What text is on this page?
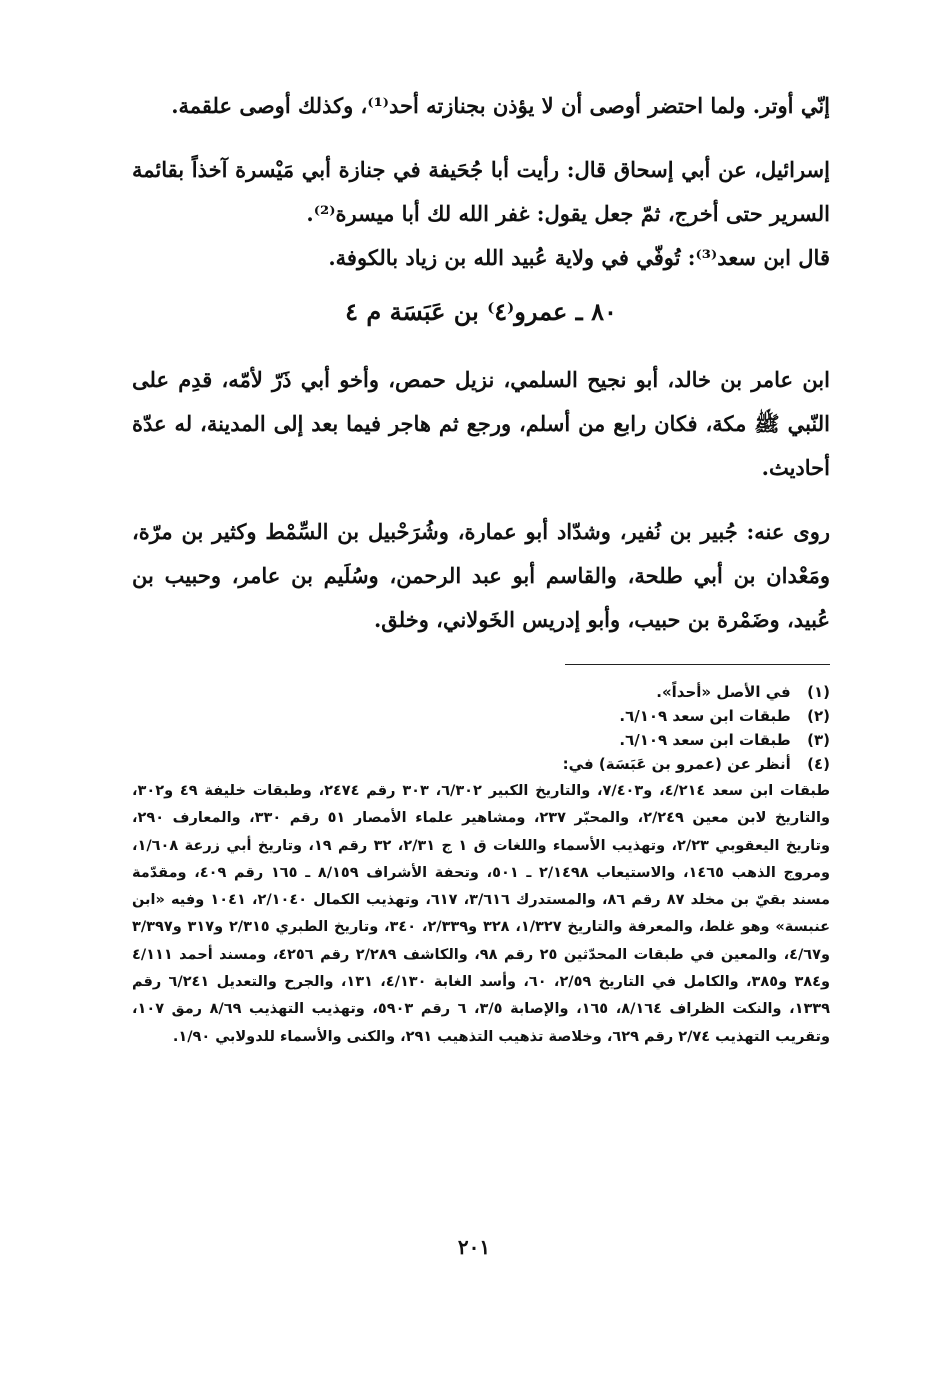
إنّي أوتر. ولما احتضر أوصى أن لا يؤذن بجنازته أحد⁽¹⁾، وكذلك أوصى علقمة.

إسرائيل، عن أبي إسحاق قال: رأيت أبا جُحَيفة في جنازة أبي مَيْسرة آخذاً بقائمة السرير حتى أخرج، ثمّ جعل يقول: غفر الله لك أبا ميسرة⁽²⁾.

قال ابن سعد⁽³⁾: تُوفّي في ولاية عُبيد الله بن زياد بالكوفة.

٨٠ ـ عمرو⁽٤⁾ بن عَبَسَة م ٤

ابن عامر بن خالد، أبو نجيح السلمي، نزيل حمص، وأخو أبي ذَرّ لأمّه، قدِم على النّبي ﷺ مكة، فكان رابع من أسلم، ورجع ثم هاجر فيما بعد إلى المدينة، له عدّة أحاديث.

روى عنه: جُبير بن نُفير، وشدّاد أبو عمارة، وشُرَحْبيل بن السِّمْط وكثير بن مرّة، ومَعْدان بن أبي طلحة، والقاسم أبو عبد الرحمن، وسُلَيم بن عامر، وحبيب بن عُبيد، وضَمْرة بن حبيب، وأبو إدريس الخَولاني، وخلق.

(١) في الأصل «أحداً».

(٢) طبقات ابن سعد ٦/١٠٩.

(٣) طبقات ابن سعد ٦/١٠٩.

(٤) أنظر عن (عمرو بن عَبَسَة) في:

طبقات ابن سعد ٤/٢١٤، و٧/٤٠٣، والتاريخ الكبير ٦/٣٠٢، ٣٠٣ رقم ٢٤٧٤، وطبقات خليفة ٤٩ و٣٠٢، والتاريخ لابن معين ٢/٢٤٩، والمحبّر ٢٣٧، ومشاهير علماء الأمصار ٥١ رقم ٣٣٠، والمعارف ٢٩٠، وتاريخ اليعقوبي ٢/٢٣، وتهذيب الأسماء واللغات ق ١ ج ٢/٣١، ٣٢ رقم ١٩، وتاريخ أبي زرعة ١/٦٠٨، ومروج الذهب ١٤٦٥، والاستيعاب ٢/١٤٩٨ ـ ٥٠١، وتحفة الأشراف ٨/١٥٩ ـ ١٦٥ رقم ٤٠٩، ومقدّمة مسند بقيّ بن مخلد ٨٧ رقم ٨٦، والمستدرك ٣/٦١٦، ٦١٧، وتهذيب الكمال ٢/١٠٤٠، ١٠٤١ وفيه «ابن عنبسة» وهو غلط، والمعرفة والتاريخ ١/٣٢٧، ٣٢٨ و٢/٣٣٩، ٣٤٠، وتاريخ الطبري ٢/٣١٥ و٣١٧ و٣/٣٩٧ و٤/٦٧، والمعين في طبقات المحدّثين ٢٥ رقم ٩٨، والكاشف ٢/٢٨٩ رقم ٤٢٥٦، ومسند أحمد ٤/١١١ و٣٨٤ و٣٨٥، والكامل في التاريخ ٢/٥٩، ٦٠، وأسد الغابة ٤/١٣٠، ١٣١، والجرح والتعديل ٦/٢٤١ رقم ١٣٣٩، والنكت الظراف ٨/١٦٤، ١٦٥، والإصابة ٣/٥، ٦ رقم ٥٩٠٣، وتهذيب التهذيب ٨/٦٩ رمق ١٠٧، وتقريب التهذيب ٢/٧٤ رقم ٦٢٩، وخلاصة تذهيب التذهيب ٢٩١، والكنى والأسماء للدولابي ١/٩٠.

٢٠١
